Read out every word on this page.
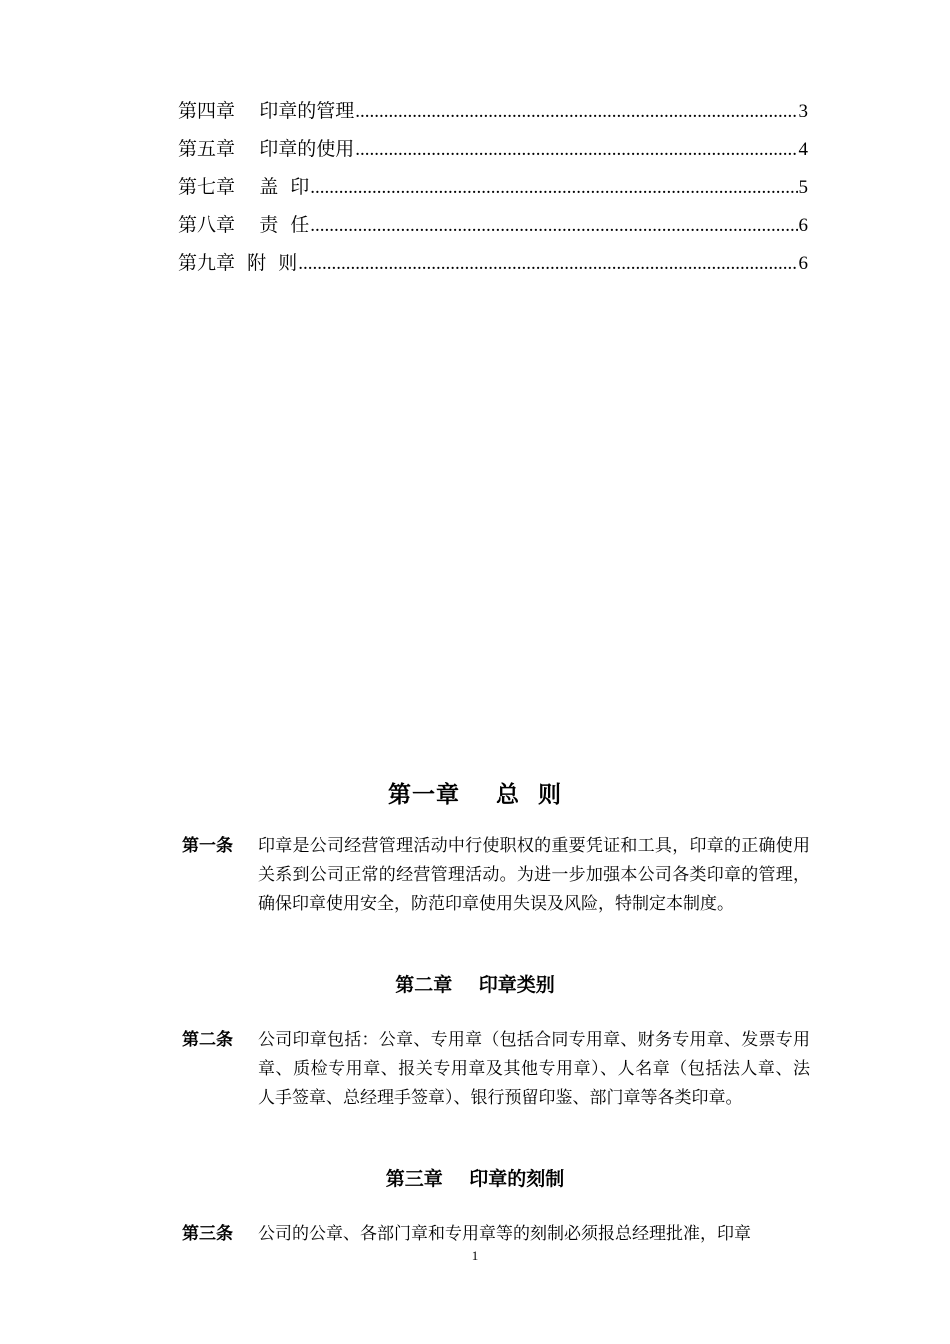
第四章	印章的管理 .....	3
第五章	印章的使用 .....	4
第七章	盖  印 .....	5
第八章	责  任 .....	6
第九章 附  则 .....	6
第一章 总  则
第一条 印章是公司经营管理活动中行使职权的重要凭证和工具，印章的正确使用关系到公司正常的经营管理活动。为进一步加强本公司各类印章的管理，确保印章使用安全，防范印章使用失误及风险，特制定本制度。
第二章 印章类别
第二条 公司印章包括：公章、专用章（包括合同专用章、财务专用章、发票专用章、质检专用章、报关专用章及其他专用章）、人名章（包括法人章、法人手签章、总经理手签章）、银行预留印鉴、部门章等各类印章。
第三章 印章的刻制
第三条 公司的公章、各部门章和专用章等的刻制必须报总经理批准，印章
1
